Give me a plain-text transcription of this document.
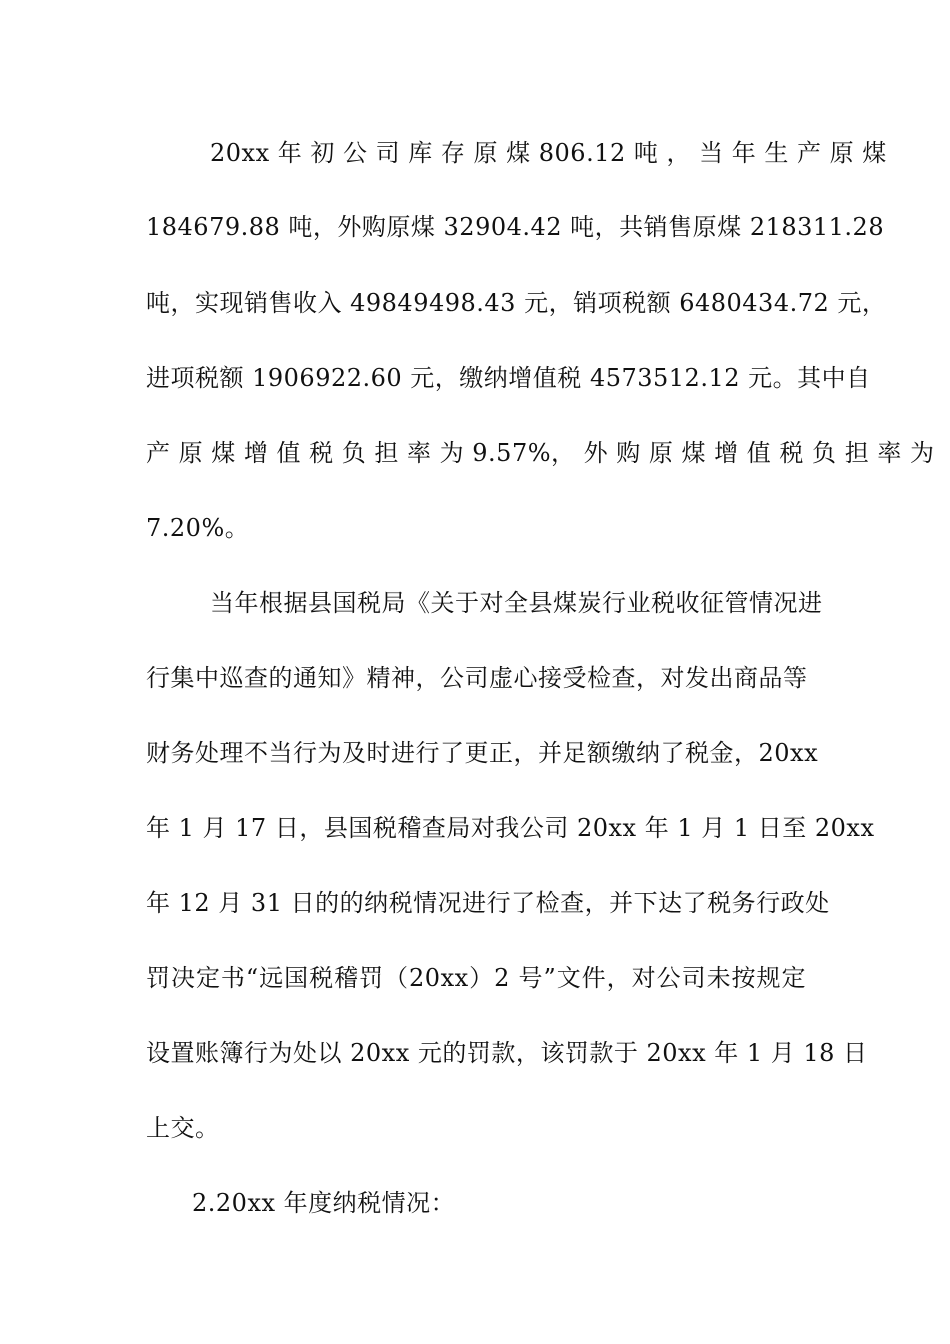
20xx 年 初 公 司 库 存 原 煤 806.12 吨 ， 当 年 生 产 原 煤
184679.88 吨，外购原煤 32904.42 吨，共销售原煤 218311.28
吨，实现销售收入 49849498.43 元，销项税额 6480434.72 元，
进项税额 1906922.60 元，缴纳增值税 4573512.12 元。其中自
产 原 煤 增 值 税 负 担 率 为 9.57%， 外 购 原 煤 增 值 税 负 担 率 为
7.20%。
当年根据县国税局《关于对全县煤炭行业税收征管情况进
行集中巡查的通知》精神，公司虚心接受检查，对发出商品等
财务处理不当行为及时进行了更正，并足额缴纳了税金，20xx
年 1 月 17 日，县国税稽查局对我公司 20xx 年 1 月 1 日至 20xx
年 12 月 31 日的的纳税情况进行了检查，并下达了税务行政处
罚决定书“远国税稽罚（20xx）2 号”文件，对公司未按规定
设置账簿行为处以 20xx 元的罚款，该罚款于 20xx 年 1 月 18 日
上交。
2.20xx 年度纳税情况：
